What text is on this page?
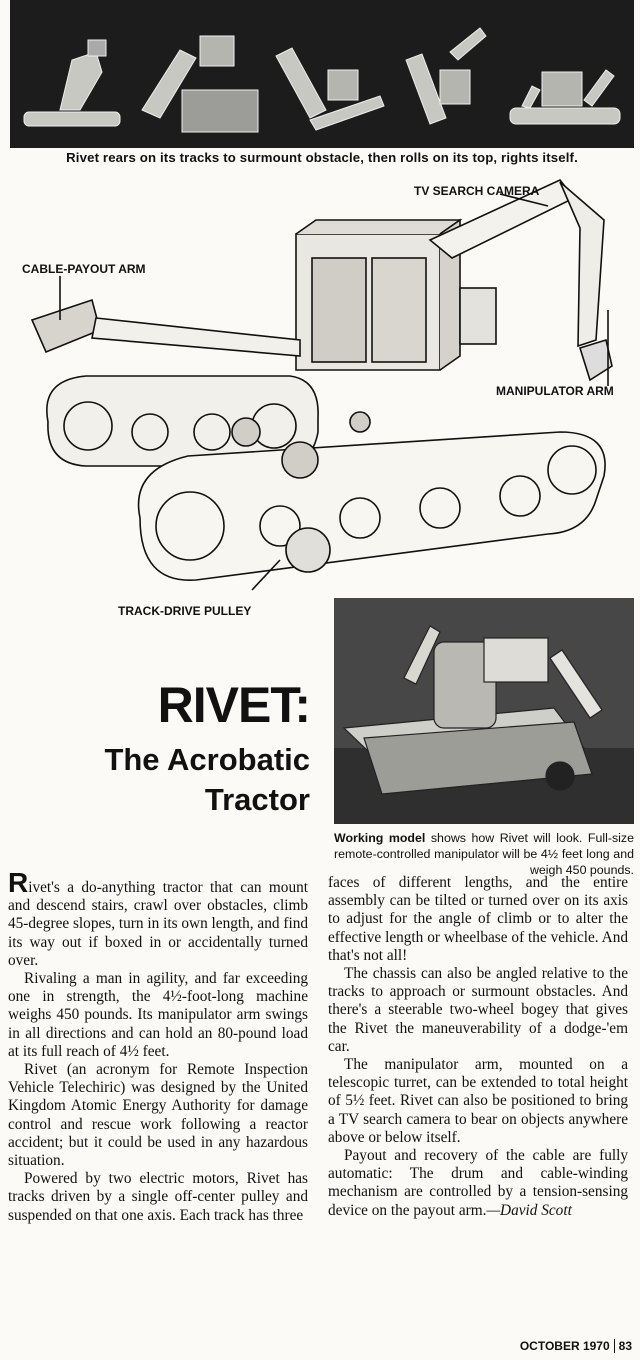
Rivet rears on its tracks to surmount obstacle, then rolls on its top, rights itself.
TV SEARCH CAMERA
CABLE-PAYOUT ARM
MANIPULATOR ARM
TRACK-DRIVE PULLEY
RIVET:
The Acrobatic
Tractor
Working model shows how Rivet will look. Full-size remote-controlled manipulator will be 4½ feet long and weigh 450 pounds.

Rivet's a do-anything tractor that can mount and descend stairs, crawl over obstacles, climb 45-degree slopes, turn in its own length, and find its way out if boxed in or accidentally turned over.

Rivaling a man in agility, and far exceeding one in strength, the 4½-foot-long machine weighs 450 pounds. Its manipulator arm swings in all directions and can hold an 80-pound load at its full reach of 4½ feet.

Rivet (an acronym for Remote Inspection Vehicle Telechiric) was designed by the United Kingdom Atomic Energy Authority for damage control and rescue work following a reactor accident; but it could be used in any hazardous situation.

Powered by two electric motors, Rivet has tracks driven by a single off-center pulley and suspended on that one axis. Each track has three

faces of different lengths, and the entire assembly can be tilted or turned over on its axis to adjust for the angle of climb or to alter the effective length or wheelbase of the vehicle. And that's not all!

The chassis can also be angled relative to the tracks to approach or surmount obstacles. And there's a steerable two-wheel bogey that gives the Rivet the maneuverability of a dodge-'em car.

The manipulator arm, mounted on a telescopic turret, can be extended to total height of 5½ feet. Rivet can also be positioned to bring a TV search camera to bear on objects anywhere above or below itself.

Payout and recovery of the cable are fully automatic: The drum and cable-winding mechanism are controlled by a tension-sensing device on the payout arm.—David Scott

OCTOBER 1970 83
